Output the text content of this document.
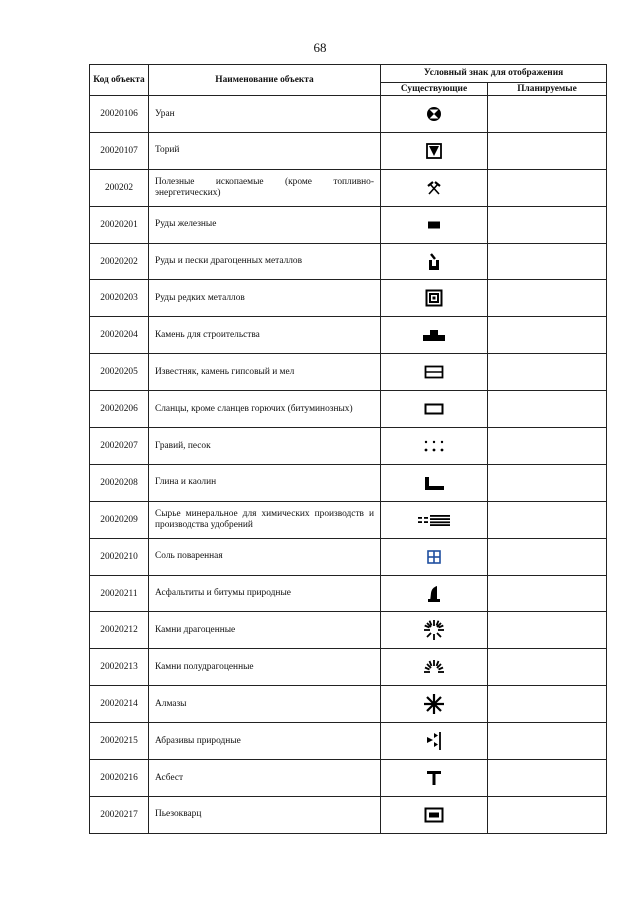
68
Код объекта	Наименование объекта	Условный знак для отображения	
		Существующие	Планируемые
20020106	Уран	

20020107	Торий	

200202	Полезные ископаемые (кроме топливно-энергетических)	

20020201	Руды железные	

20020202	Руды и пески драгоценных металлов	

20020203	Руды редких металлов	

20020204	Камень для строительства	

20020205	Известняк, камень гипсовый и мел	

20020206	Сланцы, кроме сланцев горючих (битуминозных)	

20020207	Гравий, песок	

20020208	Глина и каолин	

20020209	Сырье минеральное для химических производств и производства удобрений	

20020210	Соль поваренная	

20020211	Асфальтиты и битумы природные	

20020212	Камни драгоценные	

20020213	Камни полудрагоценные	

20020214	Алмазы	

20020215	Абразивы природные	

20020216	Асбест	

20020217	Пьезокварц	
